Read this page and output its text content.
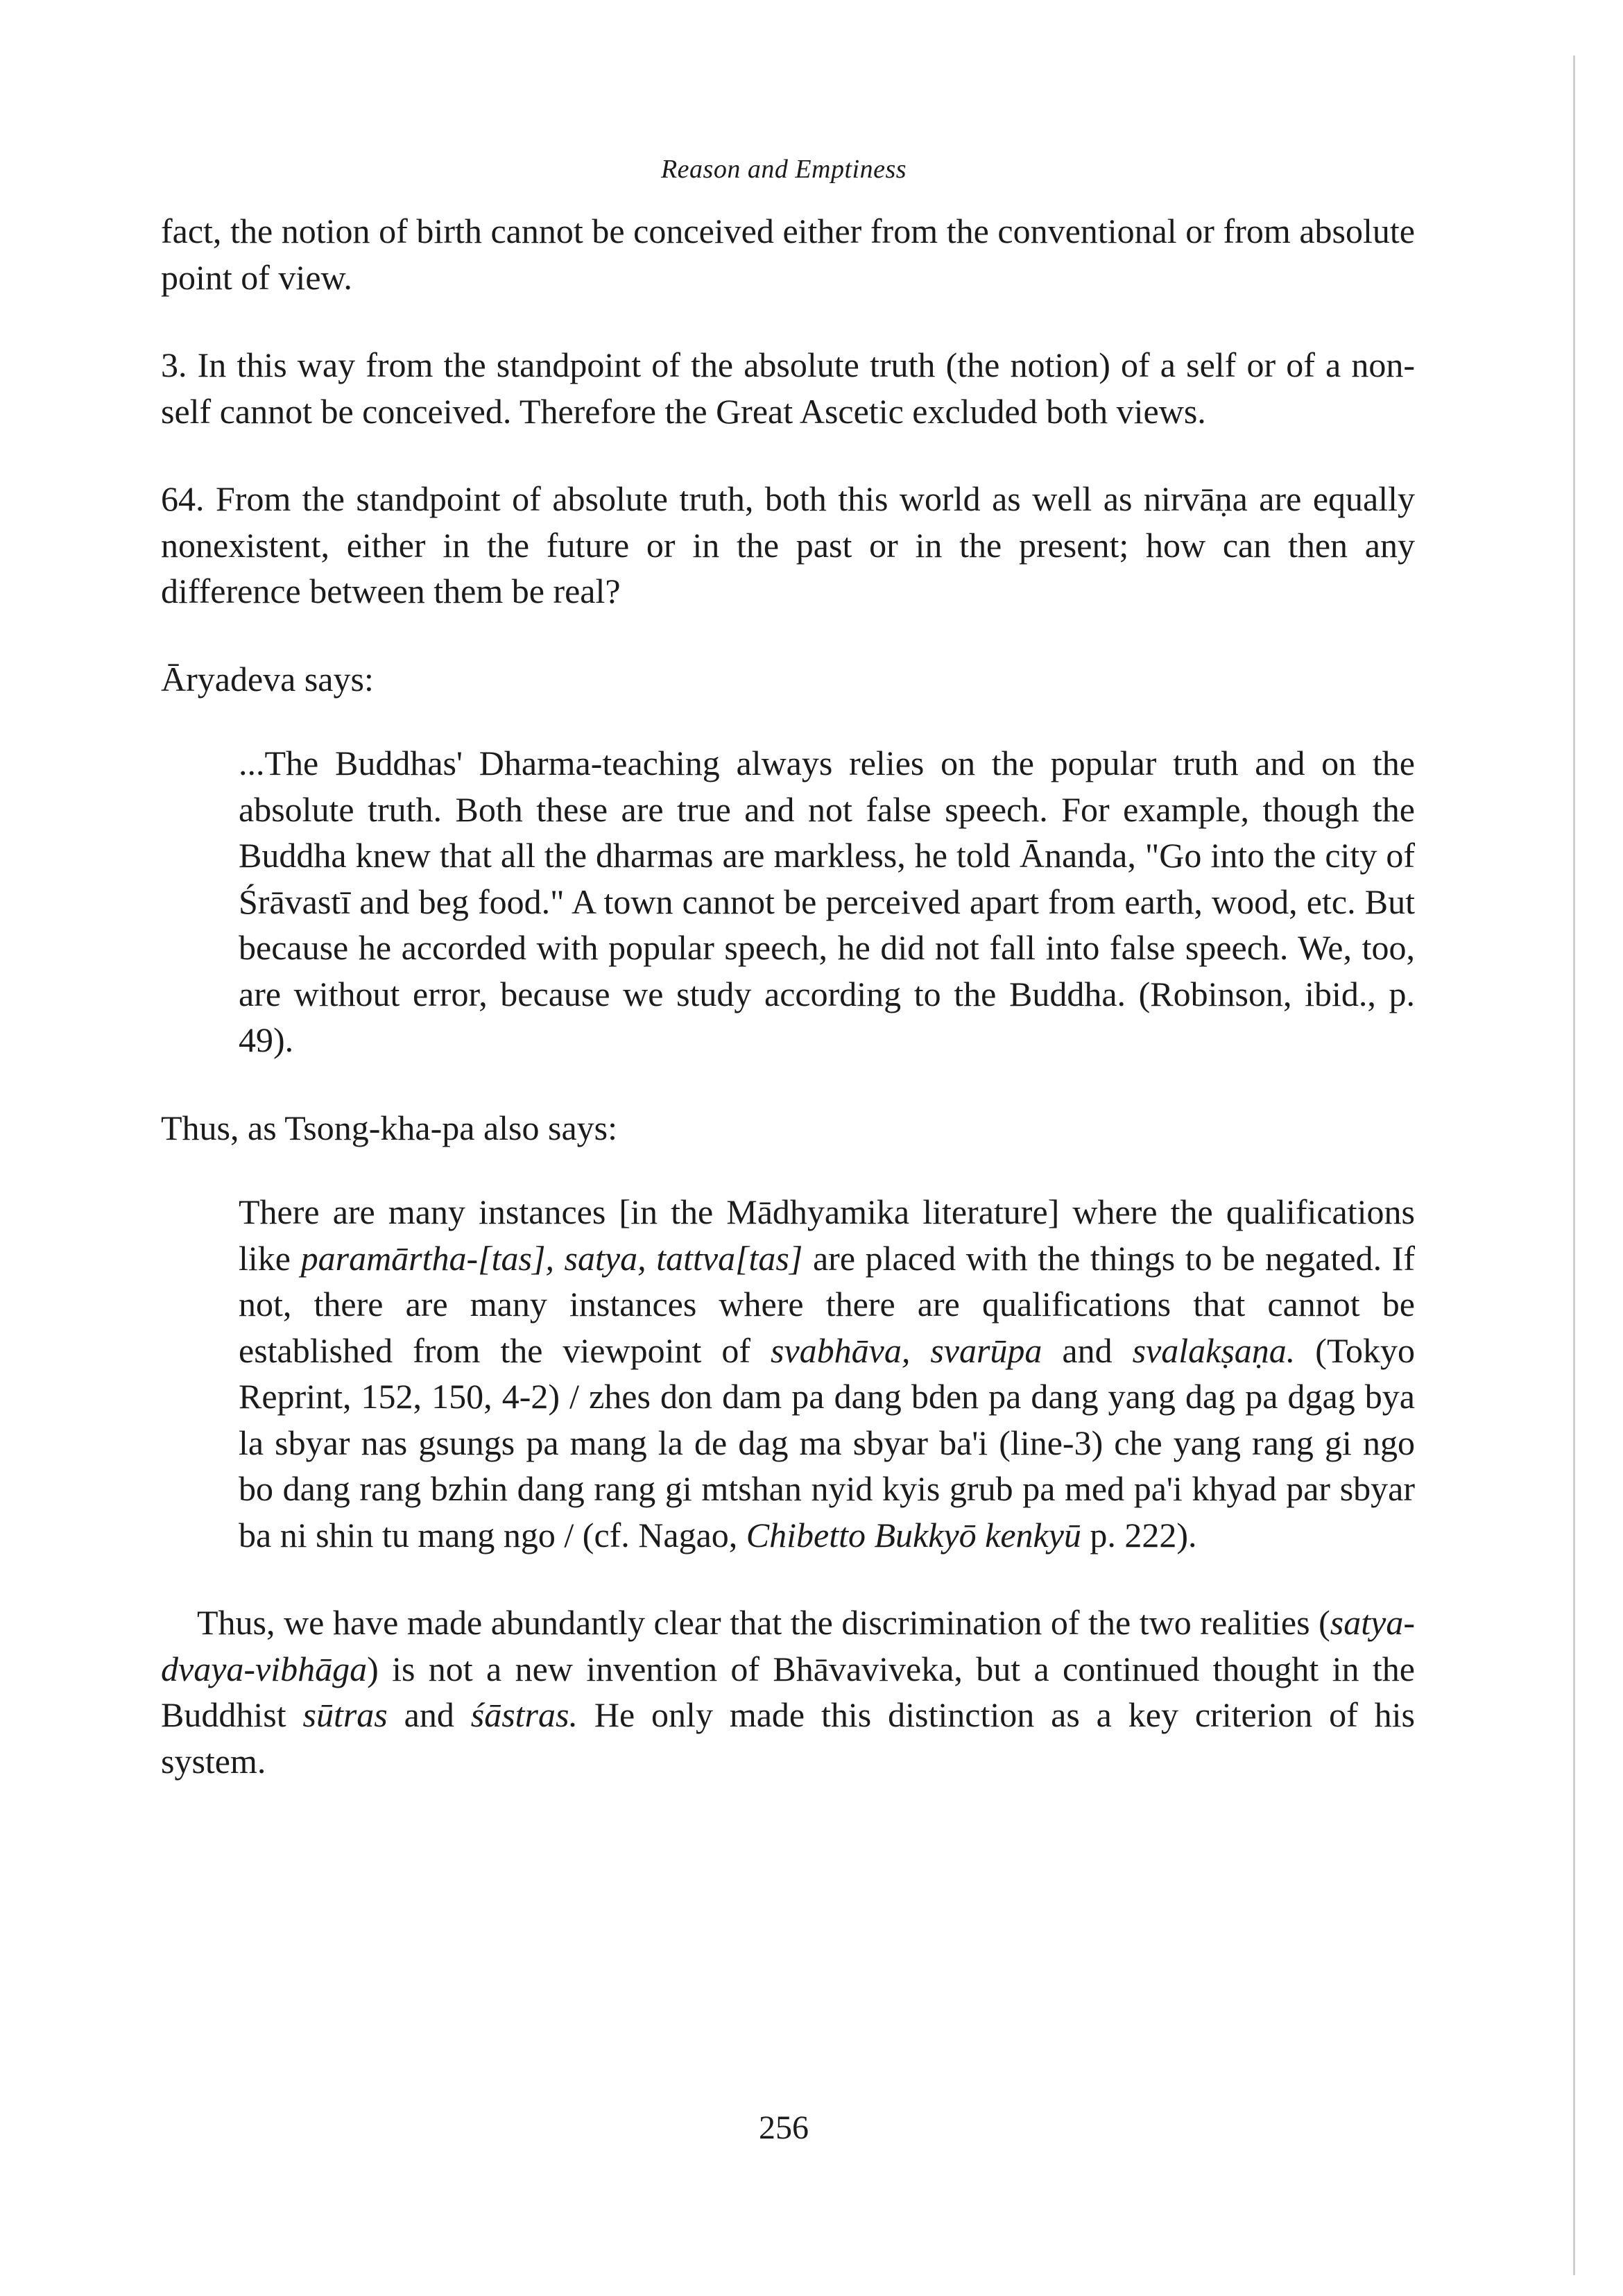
Reason and Emptiness

fact, the notion of birth cannot be conceived either from the conventional or from absolute point of view.

3. In this way from the standpoint of the absolute truth (the notion) of a self or of a non-self cannot be conceived. Therefore the Great Ascetic excluded both views.

64. From the standpoint of absolute truth, both this world as well as nirvāṇa are equally nonexistent, either in the future or in the past or in the present; how can then any difference between them be real?

Āryadeva says:

...The Buddhas' Dharma-teaching always relies on the popular truth and on the absolute truth. Both these are true and not false speech. For example, though the Buddha knew that all the dharmas are markless, he told Ānanda, "Go into the city of Śrāvastī and beg food." A town cannot be perceived apart from earth, wood, etc. But because he accorded with popular speech, he did not fall into false speech. We, too, are without error, because we study according to the Buddha. (Robinson, ibid., p. 49).

Thus, as Tsong-kha-pa also says:

There are many instances [in the Mādhyamika literature] where the qualifications like paramārtha-[tas], satya, tattva[tas] are placed with the things to be negated. If not, there are many instances where there are qualifications that cannot be established from the viewpoint of svabhāva, svarūpa and svalakṣaṇa. (Tokyo Reprint, 152, 150, 4-2) / zhes don dam pa dang bden pa dang yang dag pa dgag bya la sbyar nas gsungs pa mang la de dag ma sbyar ba'i (line-3) che yang rang gi ngo bo dang rang bzhin dang rang gi mtshan nyid kyis grub pa med pa'i khyad par sbyar ba ni shin tu mang ngo / (cf. Nagao, Chibetto Bukkyō kenkyū p. 222).

Thus, we have made abundantly clear that the discrimination of the two realities (satya-dvaya-vibhāga) is not a new invention of Bhāvaviveka, but a continued thought in the Buddhist sūtras and śāstras. He only made this distinction as a key criterion of his system.

256
